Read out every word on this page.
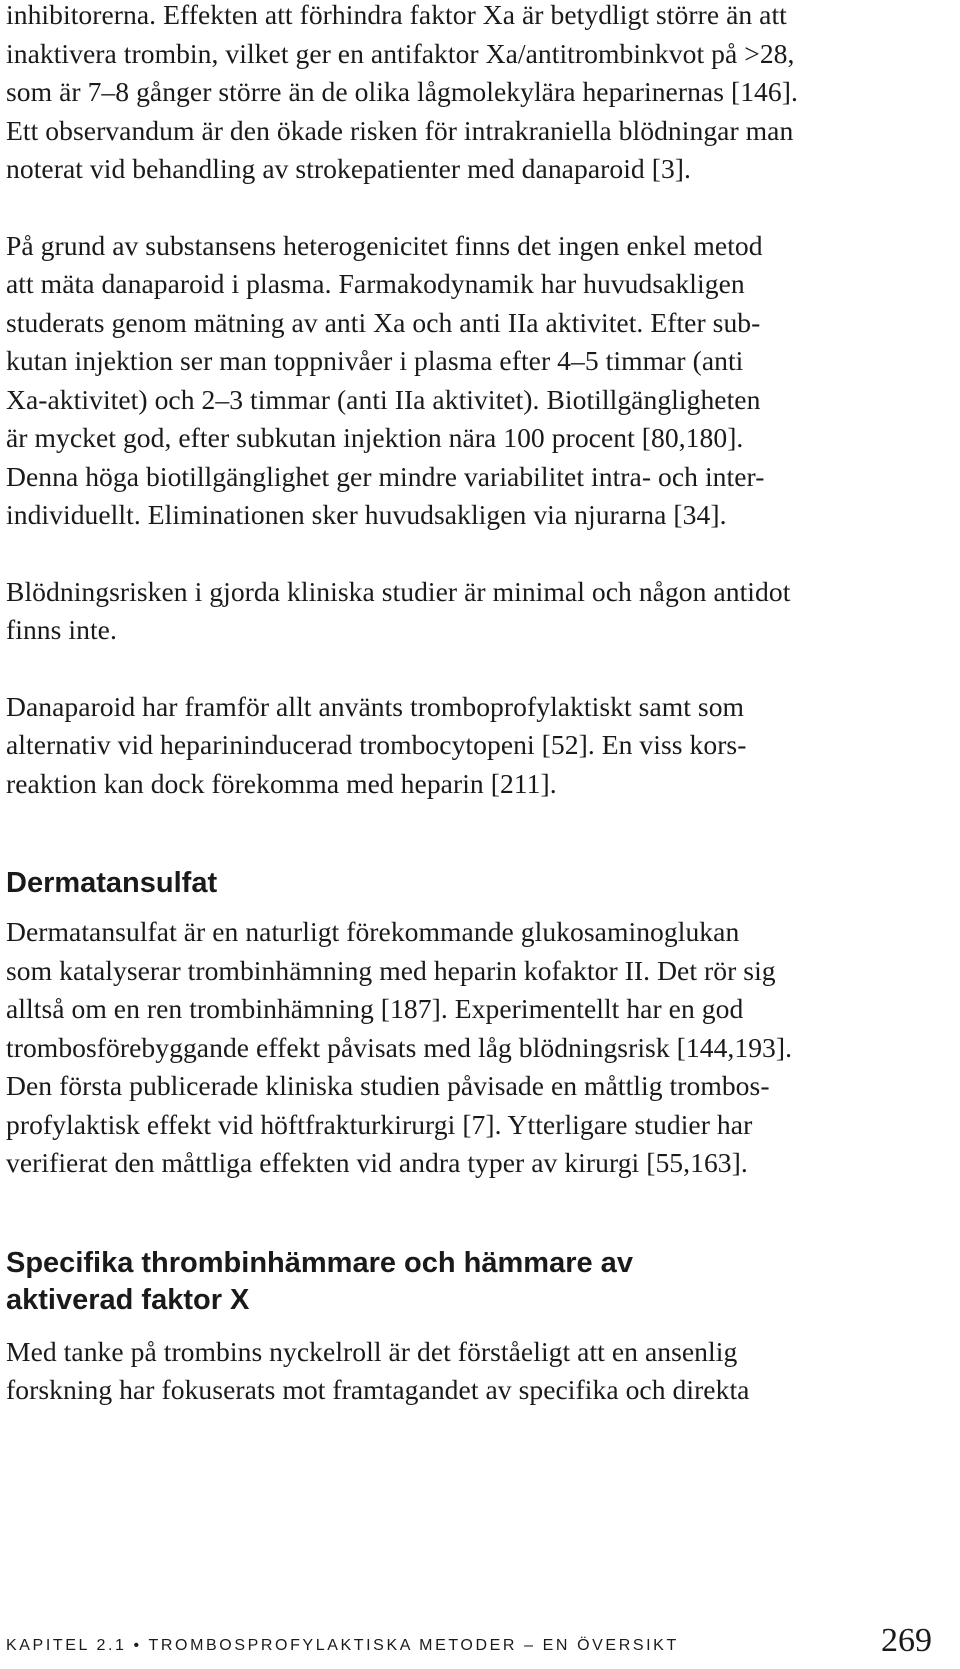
inhibitorerna. Effekten att förhindra faktor Xa är betydligt större än att
inaktivera trombin, vilket ger en antifaktor Xa/antitrombinkvot på >28,
som är 7–8 gånger större än de olika lågmolekylära heparinernas [146].
Ett observandum är den ökade risken för intrakraniella blödningar man
noterat vid behandling av strokepatienter med danaparoid [3].

På grund av substansens heterogenicitet finns det ingen enkel metod
att mäta danaparoid i plasma. Farmakodynamik har huvudsakligen
studerats genom mätning av anti Xa och anti IIa aktivitet. Efter sub-
kutan injektion ser man toppnivåer i plasma efter 4–5 timmar (anti
Xa-aktivitet) och 2–3 timmar (anti IIa aktivitet). Biotillgängligheten
är mycket god, efter subkutan injektion nära 100 procent [80,180].
Denna höga biotillgänglighet ger mindre variabilitet intra- och inter-
individuellt. Eliminationen sker huvudsakligen via njurarna [34].

Blödningsrisken i gjorda kliniska studier är minimal och någon antidot
finns inte.

Danaparoid har framför allt använts tromboprofylaktiskt samt som
alternativ vid heparininducerad trombocytopeni [52]. En viss kors-
reaktion kan dock förekomma med heparin [211].

Dermatansulfat

Dermatansulfat är en naturligt förekommande glukosaminoglukan
som katalyserar trombinhämning med heparin kofaktor II. Det rör sig
alltså om en ren trombinhämning [187]. Experimentellt har en god
trombosförebyggande effekt påvisats med låg blödningsrisk [144,193].
Den första publicerade kliniska studien påvisade en måttlig trombos-
profylaktisk effekt vid höftfrakturkirurgi [7]. Ytterligare studier har
verifierat den måttliga effekten vid andra typer av kirurgi [55,163].

Specifika thrombinhämmare och hämmare av
aktiverad faktor X

Med tanke på trombins nyckelroll är det förståeligt att en ansenlig
forskning har fokuserats mot framtagandet av specifika och direkta

KAPITEL 2.1 • TROMBOSPROFYLAKTISKA METODER – EN ÖVERSIKT	269
